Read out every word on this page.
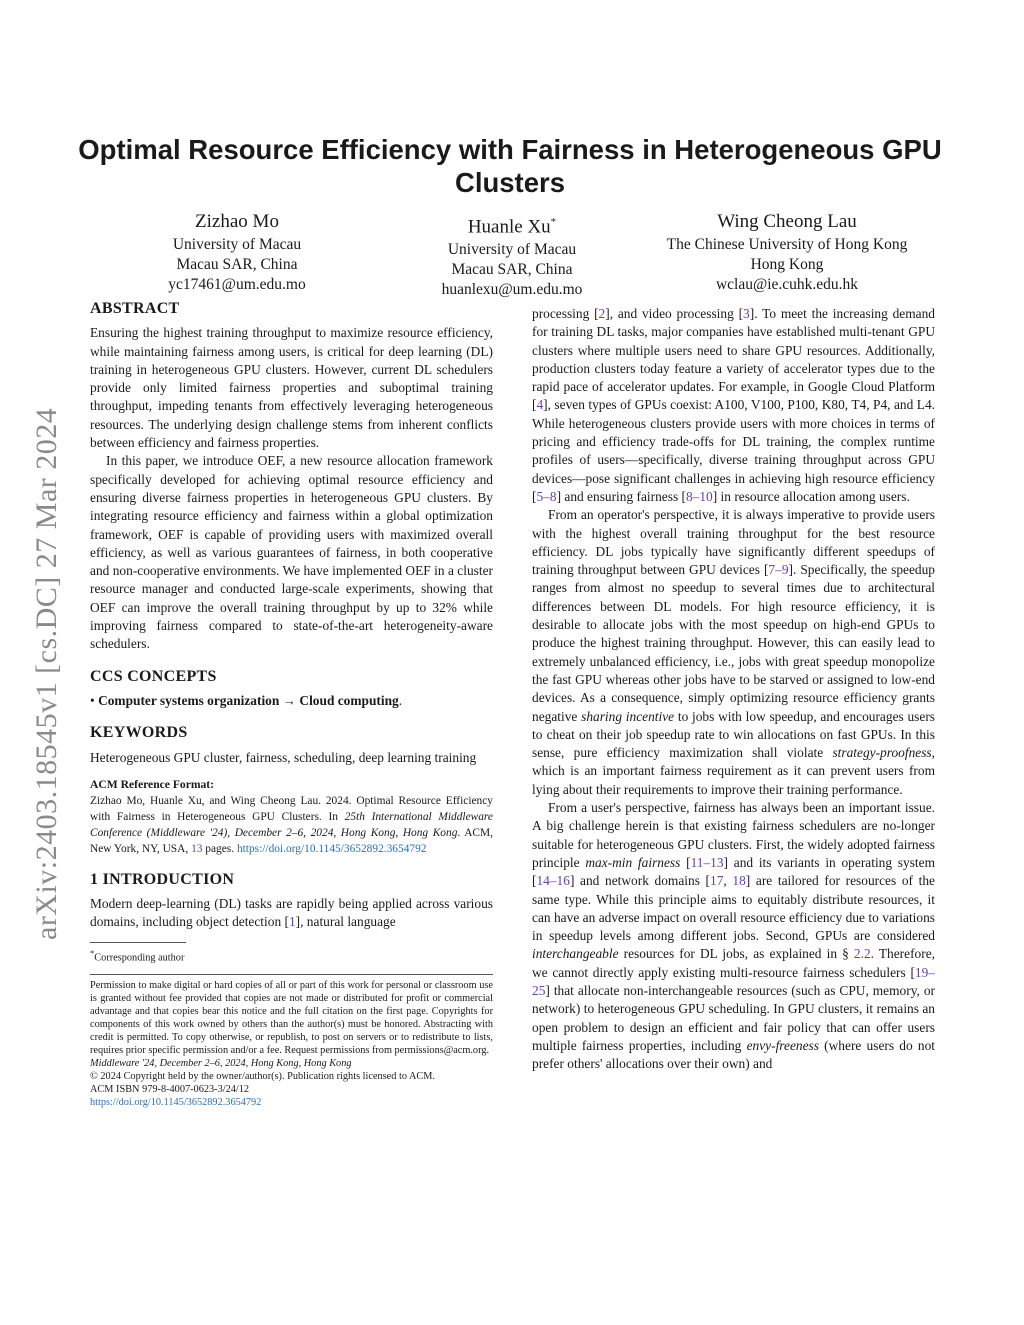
arXiv:2403.18545v1 [cs.DC] 27 Mar 2024
Optimal Resource Efficiency with Fairness in Heterogeneous GPU Clusters
Zizhao Mo
University of Macau
Macau SAR, China
yc17461@um.edu.mo
Huanle Xu*
University of Macau
Macau SAR, China
huanlexu@um.edu.mo
Wing Cheong Lau
The Chinese University of Hong Kong
Hong Kong
wclau@ie.cuhk.edu.hk
ABSTRACT

Ensuring the highest training throughput to maximize resource efficiency, while maintaining fairness among users, is critical for deep learning (DL) training in heterogeneous GPU clusters. However, current DL schedulers provide only limited fairness properties and suboptimal training throughput, impeding tenants from effectively leveraging heterogeneous resources. The underlying design challenge stems from inherent conflicts between efficiency and fairness properties.

In this paper, we introduce OEF, a new resource allocation framework specifically developed for achieving optimal resource efficiency and ensuring diverse fairness properties in heterogeneous GPU clusters. By integrating resource efficiency and fairness within a global optimization framework, OEF is capable of providing users with maximized overall efficiency, as well as various guarantees of fairness, in both cooperative and non-cooperative environments. We have implemented OEF in a cluster resource manager and conducted large-scale experiments, showing that OEF can improve the overall training throughput by up to 32% while improving fairness compared to state-of-the-art heterogeneity-aware schedulers.

CCS CONCEPTS

• Computer systems organization → Cloud computing.

KEYWORDS

Heterogeneous GPU cluster, fairness, scheduling, deep learning training

ACM Reference Format:
Zizhao Mo, Huanle Xu, and Wing Cheong Lau. 2024. Optimal Resource Efficiency with Fairness in Heterogeneous GPU Clusters. In 25th International Middleware Conference (Middleware '24), December 2–6, 2024, Hong Kong, Hong Kong. ACM, New York, NY, USA, 13 pages. https://doi.org/10.1145/3652892.3654792
1 INTRODUCTION

Modern deep-learning (DL) tasks are rapidly being applied across various domains, including object detection [1], natural language

*Corresponding author
Permission to make digital or hard copies of all or part of this work for personal or classroom use is granted without fee provided that copies are not made or distributed for profit or commercial advantage and that copies bear this notice and the full citation on the first page. Copyrights for components of this work owned by others than the author(s) must be honored. Abstracting with credit is permitted. To copy otherwise, or republish, to post on servers or to redistribute to lists, requires prior specific permission and/or a fee. Request permissions from permissions@acm.org.
Middleware '24, December 2–6, 2024, Hong Kong, Hong Kong
© 2024 Copyright held by the owner/author(s). Publication rights licensed to ACM.
ACM ISBN 979-8-4007-0623-3/24/12
https://doi.org/10.1145/3652892.3654792

processing [2], and video processing [3]. To meet the increasing demand for training DL tasks, major companies have established multi-tenant GPU clusters where multiple users need to share GPU resources. Additionally, production clusters today feature a variety of accelerator types due to the rapid pace of accelerator updates. For example, in Google Cloud Platform [4], seven types of GPUs coexist: A100, V100, P100, K80, T4, P4, and L4. While heterogeneous clusters provide users with more choices in terms of pricing and efficiency trade-offs for DL training, the complex runtime profiles of users—specifically, diverse training throughput across GPU devices—pose significant challenges in achieving high resource efficiency [5–8] and ensuring fairness [8–10] in resource allocation among users.

From an operator's perspective, it is always imperative to provide users with the highest overall training throughput for the best resource efficiency. DL jobs typically have significantly different speedups of training throughput between GPU devices [7–9]. Specifically, the speedup ranges from almost no speedup to several times due to architectural differences between DL models. For high resource efficiency, it is desirable to allocate jobs with the most speedup on high-end GPUs to produce the highest training throughput. However, this can easily lead to extremely unbalanced efficiency, i.e., jobs with great speedup monopolize the fast GPU whereas other jobs have to be starved or assigned to low-end devices. As a consequence, simply optimizing resource efficiency grants negative sharing incentive to jobs with low speedup, and encourages users to cheat on their job speedup rate to win allocations on fast GPUs. In this sense, pure efficiency maximization shall violate strategy-proofness, which is an important fairness requirement as it can prevent users from lying about their requirements to improve their training performance.

From a user's perspective, fairness has always been an important issue. A big challenge herein is that existing fairness schedulers are no-longer suitable for heterogeneous GPU clusters. First, the widely adopted fairness principle max-min fairness [11–13] and its variants in operating system [14–16] and network domains [17, 18] are tailored for resources of the same type. While this principle aims to equitably distribute resources, it can have an adverse impact on overall resource efficiency due to variations in speedup levels among different jobs. Second, GPUs are considered interchangeable resources for DL jobs, as explained in § 2.2. Therefore, we cannot directly apply existing multi-resource fairness schedulers [19–25] that allocate non-interchangeable resources (such as CPU, memory, or network) to heterogeneous GPU scheduling. In GPU clusters, it remains an open problem to design an efficient and fair policy that can offer users multiple fairness properties, including envy-freeness (where users do not prefer others' allocations over their own) and
